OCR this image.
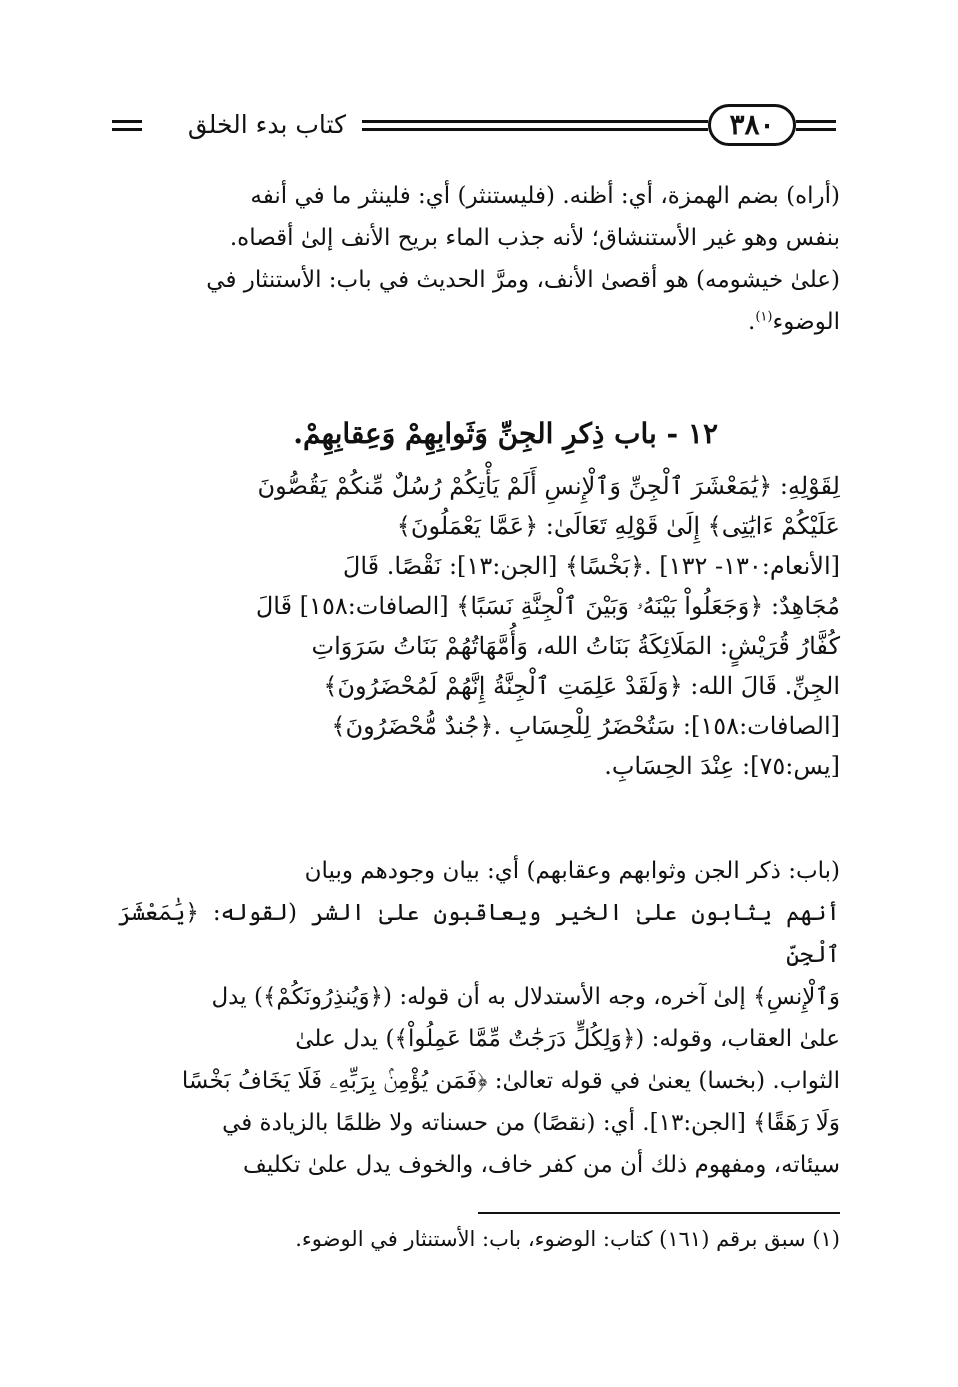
كتاب بدء الخلق	٣٨٠
(أراه) بضم الهمزة، أي: أظنه. (فليستنثر) أي: فلينثر ما في أنفه
بنفس وهو غير الأستنشاق؛ لأنه جذب الماء بريح الأنف إلىٰ أقصاه.
(علىٰ خيشومه) هو أقصىٰ الأنف، ومرَّ الحديث في باب: الأستنثار في
الوضوء$^{(١)}$.
١٢ - باب ذِكرِ الجِنِّ وَثَوابِهِمْ وَعِقابِهِمْ.
لِقَوْلِهِ: ﴿يَٰمَعْشَرَ ٱلْجِنِّ وَٱلْإِنسِ أَلَمْ يَأْتِكُمْ رُسُلٌ مِّنكُمْ يَقُصُّونَ
عَلَيْكُمْ ءَايَٰتِى﴾ إِلَىٰ قَوْلِهِ تَعَالَىٰ: ﴿عَمَّا يَعْمَلُونَ﴾
[الأنعام:١٣٠- ١٣٢] .﴿بَخْسًا﴾ [الجن:١٣]: نَقْصًا. قَالَ
مُجَاهِدٌ: ﴿وَجَعَلُواْ بَيْنَهُۥ وَبَيْنَ ٱلْجِنَّةِ نَسَبًا﴾ [الصافات:١٥٨] قَالَ
كُفَّارُ قُرَيْشٍ: المَلَائِكَةُ بَنَاتُ الله، وَأُمَّهَاتُهُمْ بَنَاتُ سَرَوَاتِ
الجِنِّ. قَالَ الله: ﴿وَلَقَدْ عَلِمَتِ ٱلْجِنَّةُ إِنَّهُمْ لَمُحْضَرُونَ﴾
[الصافات:١٥٨]: سَتُحْضَرُ لِلْحِسَابِ .﴿جُندٌ مُّحْضَرُونَ﴾
[يس:٧٥]: عِنْدَ الحِسَابِ.
(باب: ذكر الجن وثوابهم وعقابهم) أي: بيان وجودهم وبيان
أنهم يثابون علىٰ الخير ويعاقبون علىٰ الشر (لقوله: ﴿يَٰمَعْشَرَ ٱلْجِنِّ
وَٱلْإِنسِ﴾ إلىٰ آخره، وجه الأستدلال به أن قوله: (﴿وَيُنذِرُونَكُمْ﴾) يدل
علىٰ العقاب، وقوله: (﴿وَلِكُلٍّ دَرَجَٰتٌ مِّمَّا عَمِلُواْ﴾) يدل علىٰ
الثواب. (بخسا) يعنىٰ في قوله تعالىٰ: ﴿فَمَن يُؤْمِنۢ بِرَبِّهِۦ فَلَا يَخَافُ بَخْسًا
وَلَا رَهَقًا﴾ [الجن:١٣]. أي: (نقصًا) من حسناته ولا ظلمًا بالزيادة في
سيئاته، ومفهوم ذلك أن من كفر خاف، والخوف يدل علىٰ تكليف
(١) سبق برقم (١٦١) كتاب: الوضوء، باب: الأستنثار في الوضوء.
